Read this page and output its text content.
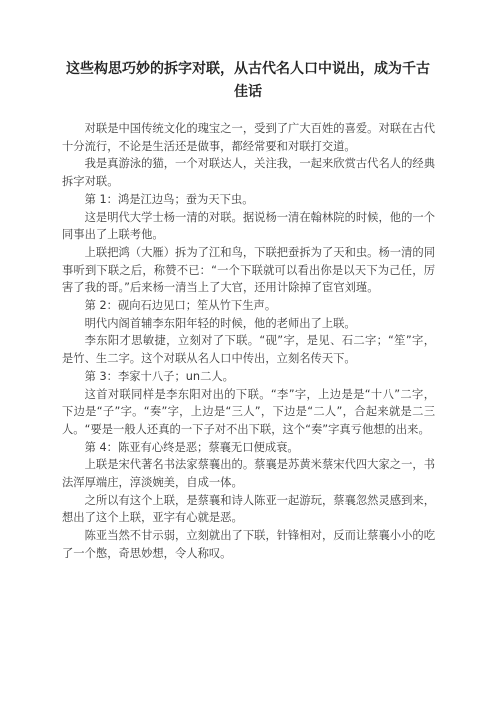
这些构思巧妙的拆字对联，从古代名人口中说出，成为千古佳话

对联是中国传统文化的瑰宝之一，受到了广大百姓的喜爱。对联在古代十分流行，不论是生活还是做事，都经常要和对联打交道。

我是真游泳的猫，一个对联达人，关注我，一起来欣赏古代名人的经典拆字对联。

第 1：鸿是江边鸟；蚕为天下虫。

这是明代大学士杨一清的对联。据说杨一清在翰林院的时候，他的一个同事出了上联考他。

上联把鸿（大雁）拆为了江和鸟，下联把蚕拆为了天和虫。杨一清的同事听到下联之后，称赞不已：“一个下联就可以看出你是以天下为己任，厉害了我的哥。”后来杨一清当上了大官，还用计除掉了宦官刘瑾。

第 2：砚向石边见口；笙从竹下生声。

明代内阁首辅李东阳年轻的时候，他的老师出了上联。

李东阳才思敏捷，立刻对了下联。“砚”字，是见、石二字；“笙”字，是竹、生二字。这个对联从名人口中传出，立刻名传天下。

第 3：李家十八子；un二人。

这首对联同样是李东阳对出的下联。“李”字，上边是是“十八”二字，下边是“子”字。“奏”字，上边是“三人”，下边是“二人”，合起来就是二三人。“要是一般人还真的一下子对不出下联，这个“奏”字真亏他想的出来。

第 4：陈亚有心终是恶；蔡襄无口便成衰。

上联是宋代著名书法家蔡襄出的。蔡襄是苏黄米蔡宋代四大家之一，书法浑厚端庄，淳淡婉美，自成一体。

之所以有这个上联，是蔡襄和诗人陈亚一起游玩，蔡襄忽然灵感到来，想出了这个上联，亚字有心就是恶。

陈亚当然不甘示弱，立刻就出了下联，针锋相对，反而让蔡襄小小的吃了一个憋，奇思妙想，令人称叹。
